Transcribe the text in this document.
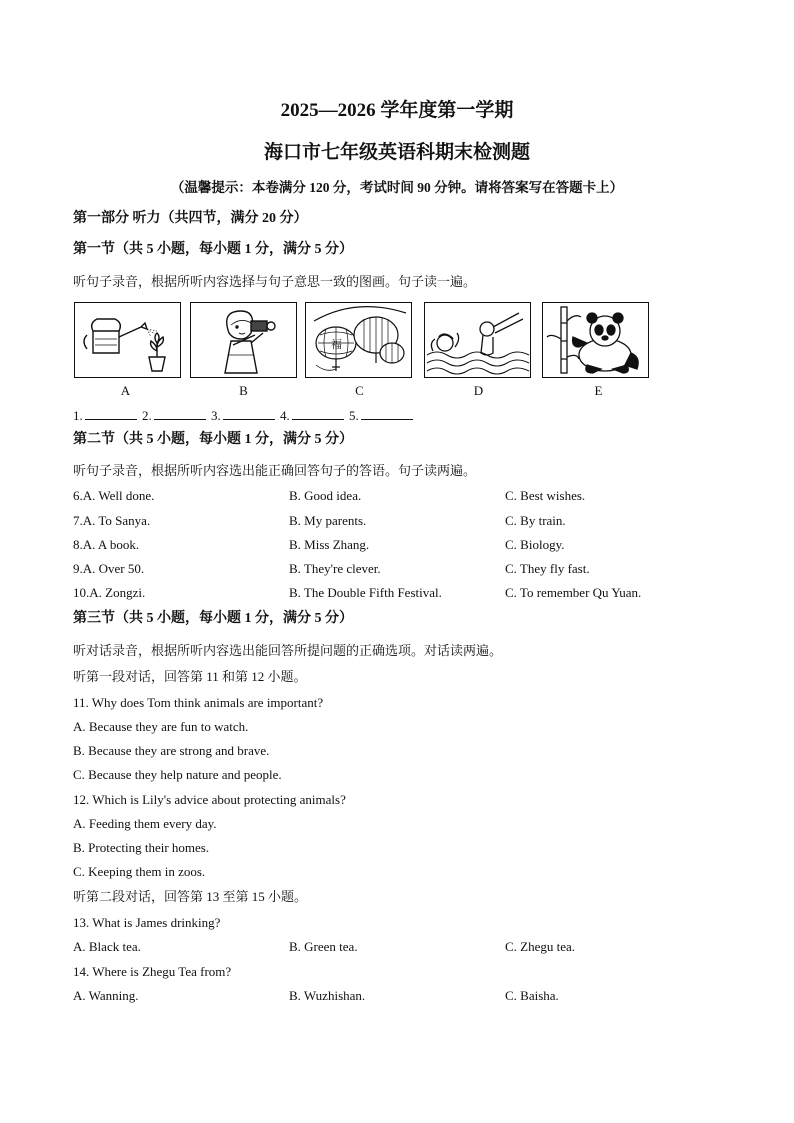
2025—2026 学年度第一学期
海口市七年级英语科期末检测题
（温馨提示：本卷满分 120 分，考试时间 90 分钟。请将答案写在答题卡上）
第一部分 听力（共四节，满分 20 分）
第一节（共 5 小题，每小题 1 分，满分 5 分）
听句子录音，根据所听内容选择与句子意思一致的图画。句子读一遍。
福
A	B	C	D	E
1.	2.	3.	4.	5.
第二节（共 5 小题，每小题 1 分，满分 5 分）
听句子录音，根据所听内容选出能正确回答句子的答语。句子读两遍。
6.A. Well done.	B. Good idea.	C. Best wishes.
7.A. To Sanya.	B. My parents.	C. By train.
8.A. A book.	B. Miss Zhang.	C. Biology.
9.A. Over 50.	B. They're clever.	C. They fly fast.
10.A. Zongzi.	B. The Double Fifth Festival.	C. To remember Qu Yuan.
第三节（共 5 小题，每小题 1 分，满分 5 分）
听对话录音，根据所听内容选出能回答所提问题的正确选项。对话读两遍。
听第一段对话，回答第 11 和第 12 小题。
11. Why does Tom think animals are important?
A. Because they are fun to watch.
B. Because they are strong and brave.
C. Because they help nature and people.
12. Which is Lily's advice about protecting animals?
A. Feeding them every day.
B. Protecting their homes.
C. Keeping them in zoos.
听第二段对话，回答第 13 至第 15 小题。
13. What is James drinking?
A. Black tea.	B. Green tea.	C. Zhegu tea.
14. Where is Zhegu Tea from?
A. Wanning.	B. Wuzhishan.	C. Baisha.
